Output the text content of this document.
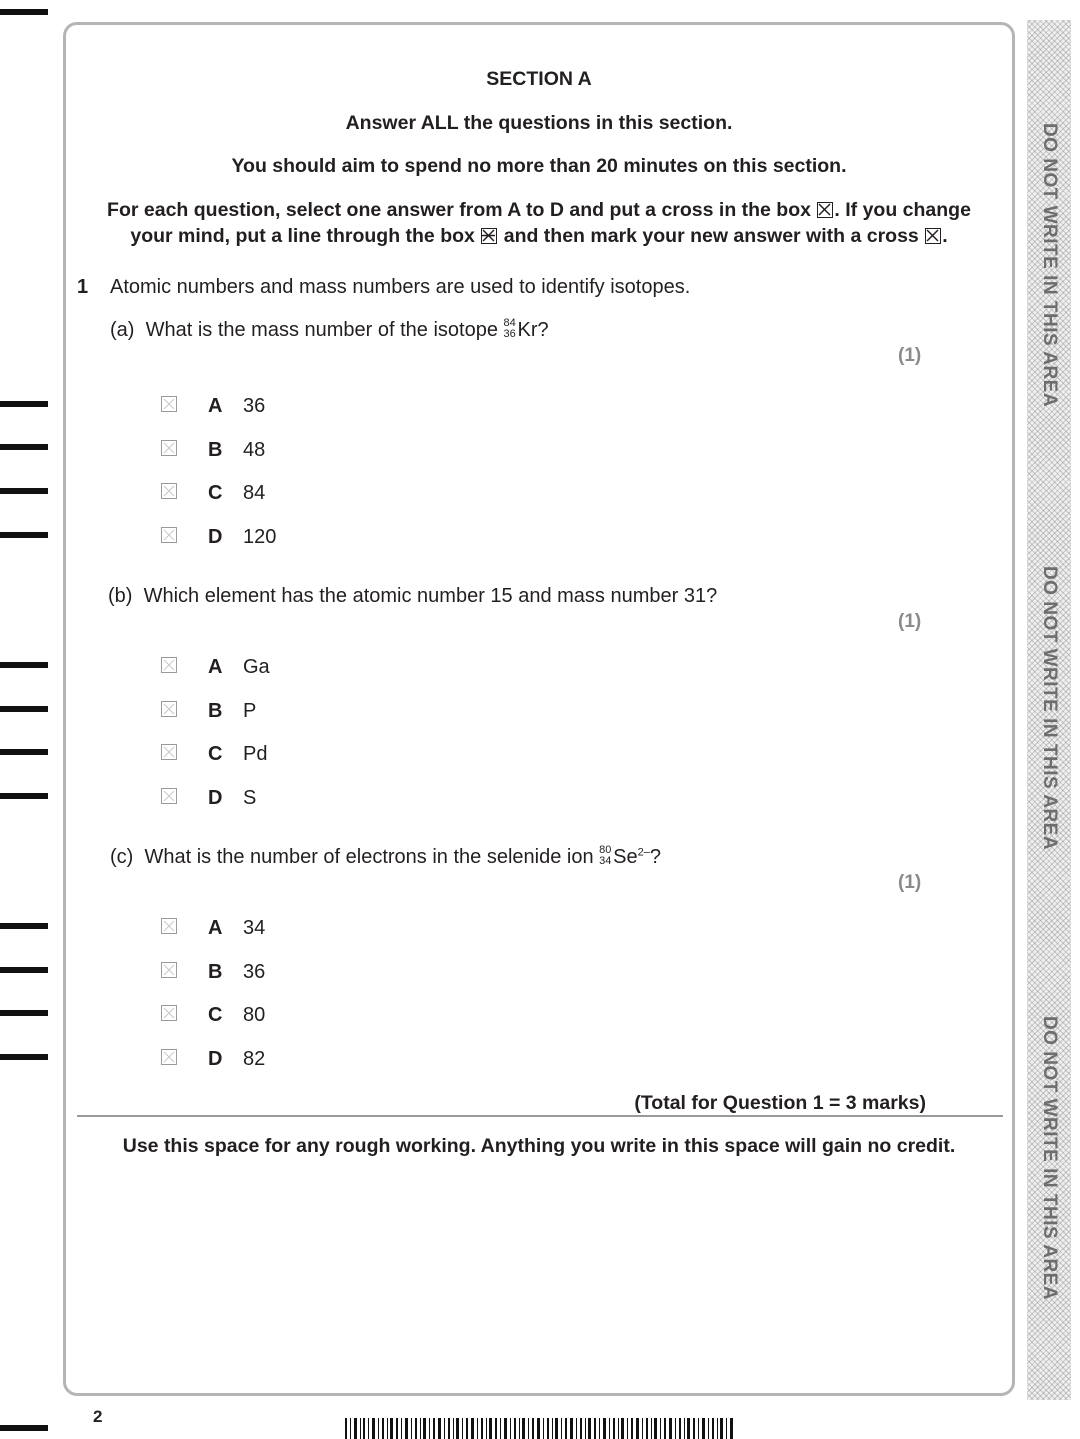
DO NOT WRITE IN THIS AREA
DO NOT WRITE IN THIS AREA
DO NOT WRITE IN THIS AREA
SECTION A
Answer ALL the questions in this section.
You should aim to spend no more than 20 minutes on this section.
For each question, select one answer from A to D and put a cross in the box ☒. If you change
your mind, put a line through the box and then mark your new answer with a cross ☒.
1 Atomic numbers and mass numbers are used to identify isotopes.
(a) What is the mass number of the isotope 84
36 Kr?
(1)
A 36
B 48
C 84
D 120
(b) Which element has the atomic number 15 and mass number 31?
(1)
A Ga
B P
C Pd
D S
(c) What is the number of electrons in the selenide ion 80
34 $Se^{2-}$?
(1)
A 34
B 36
C 80
D 82
(Total for Question 1 = 3 marks)
Use this space for any rough working. Anything you write in this space will gain no credit.
2
